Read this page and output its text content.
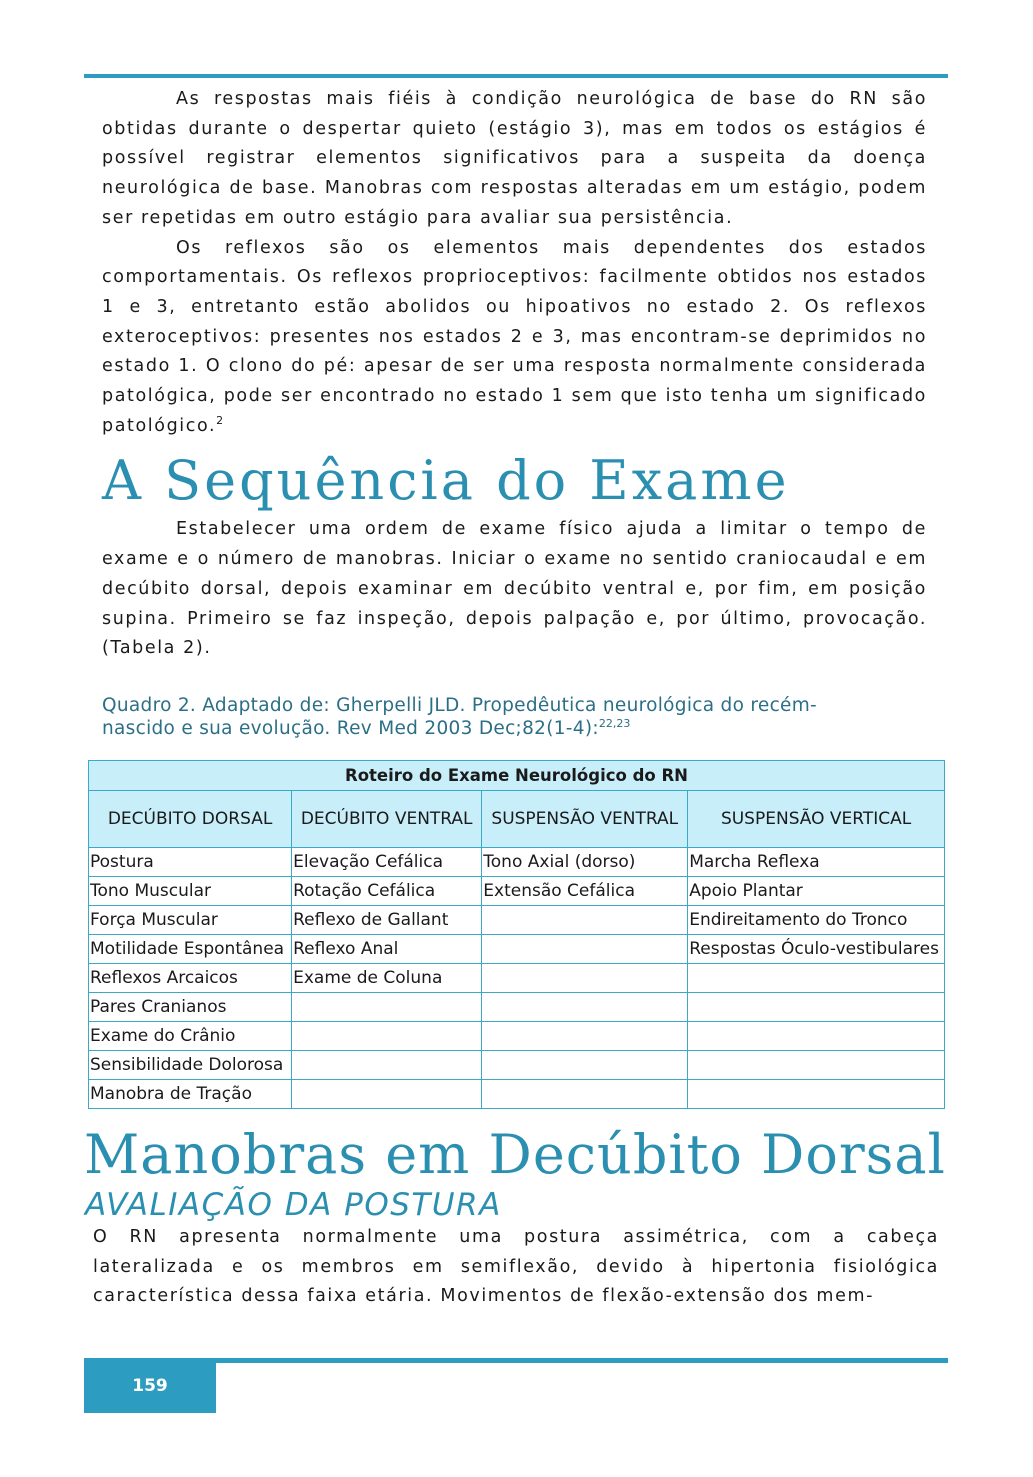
As respostas mais fiéis à condição neurológica de base do RN são obtidas durante o despertar quieto (estágio 3), mas em todos os estágios é possível registrar elementos significativos para a suspeita da doença neurológica de base. Manobras com respostas alteradas em um estágio, podem ser repetidas em outro estágio para avaliar sua persistência.

Os reflexos são os elementos mais dependentes dos estados comportamentais. Os reflexos proprioceptivos: facilmente obtidos nos estados 1 e 3, entretanto estão abolidos ou hipoativos no estado 2. Os reflexos exteroceptivos: presentes nos estados 2 e 3, mas encontram-se deprimidos no estado 1. O clono do pé: apesar de ser uma resposta normalmente considerada patológica, pode ser encontrado no estado 1 sem que isto tenha um significado patológico.$^2$

A Sequência do Exame

Estabelecer uma ordem de exame físico ajuda a limitar o tempo de exame e o número de manobras. Iniciar o exame no sentido craniocaudal e em decúbito dorsal, depois examinar em decúbito ventral e, por fim, em posição supina. Primeiro se faz inspeção, depois palpação e, por último, provocação. (Tabela 2).

Quadro 2. Adaptado de: Gherpelli JLD. Propedêutica neurológica do recém-nascido e sua evolução. Rev Med 2003 Dec;82(1-4):$^{22,23}$
Roteiro do Exame Neurológico do RN			
DECÚBITO DORSAL	DECÚBITO VENTRAL	SUSPENSÃO VENTRAL	SUSPENSÃO VERTICAL
Postura	Elevação Cefálica	Tono Axial (dorso)	Marcha Reflexa
Tono Muscular	Rotação Cefálica	Extensão Cefálica	Apoio Plantar
Força Muscular	Reflexo de Gallant		Endireitamento do Tronco
Motilidade Espontânea	Reflexo Anal		Respostas Óculo-vestibulares
Reflexos Arcaicos	Exame de Coluna		
Pares Cranianos			
Exame do Crânio			
Sensibilidade Dolorosa			
Manobra de Tração			
Manobras em Decúbito Dorsal
AVALIAÇÃO DA POSTURA

O RN apresenta normalmente uma postura assimétrica, com a cabeça lateralizada e os membros em semiflexão, devido à hipertonia fisiológica característica dessa faixa etária. Movimentos de flexão-extensão dos mem-

159
